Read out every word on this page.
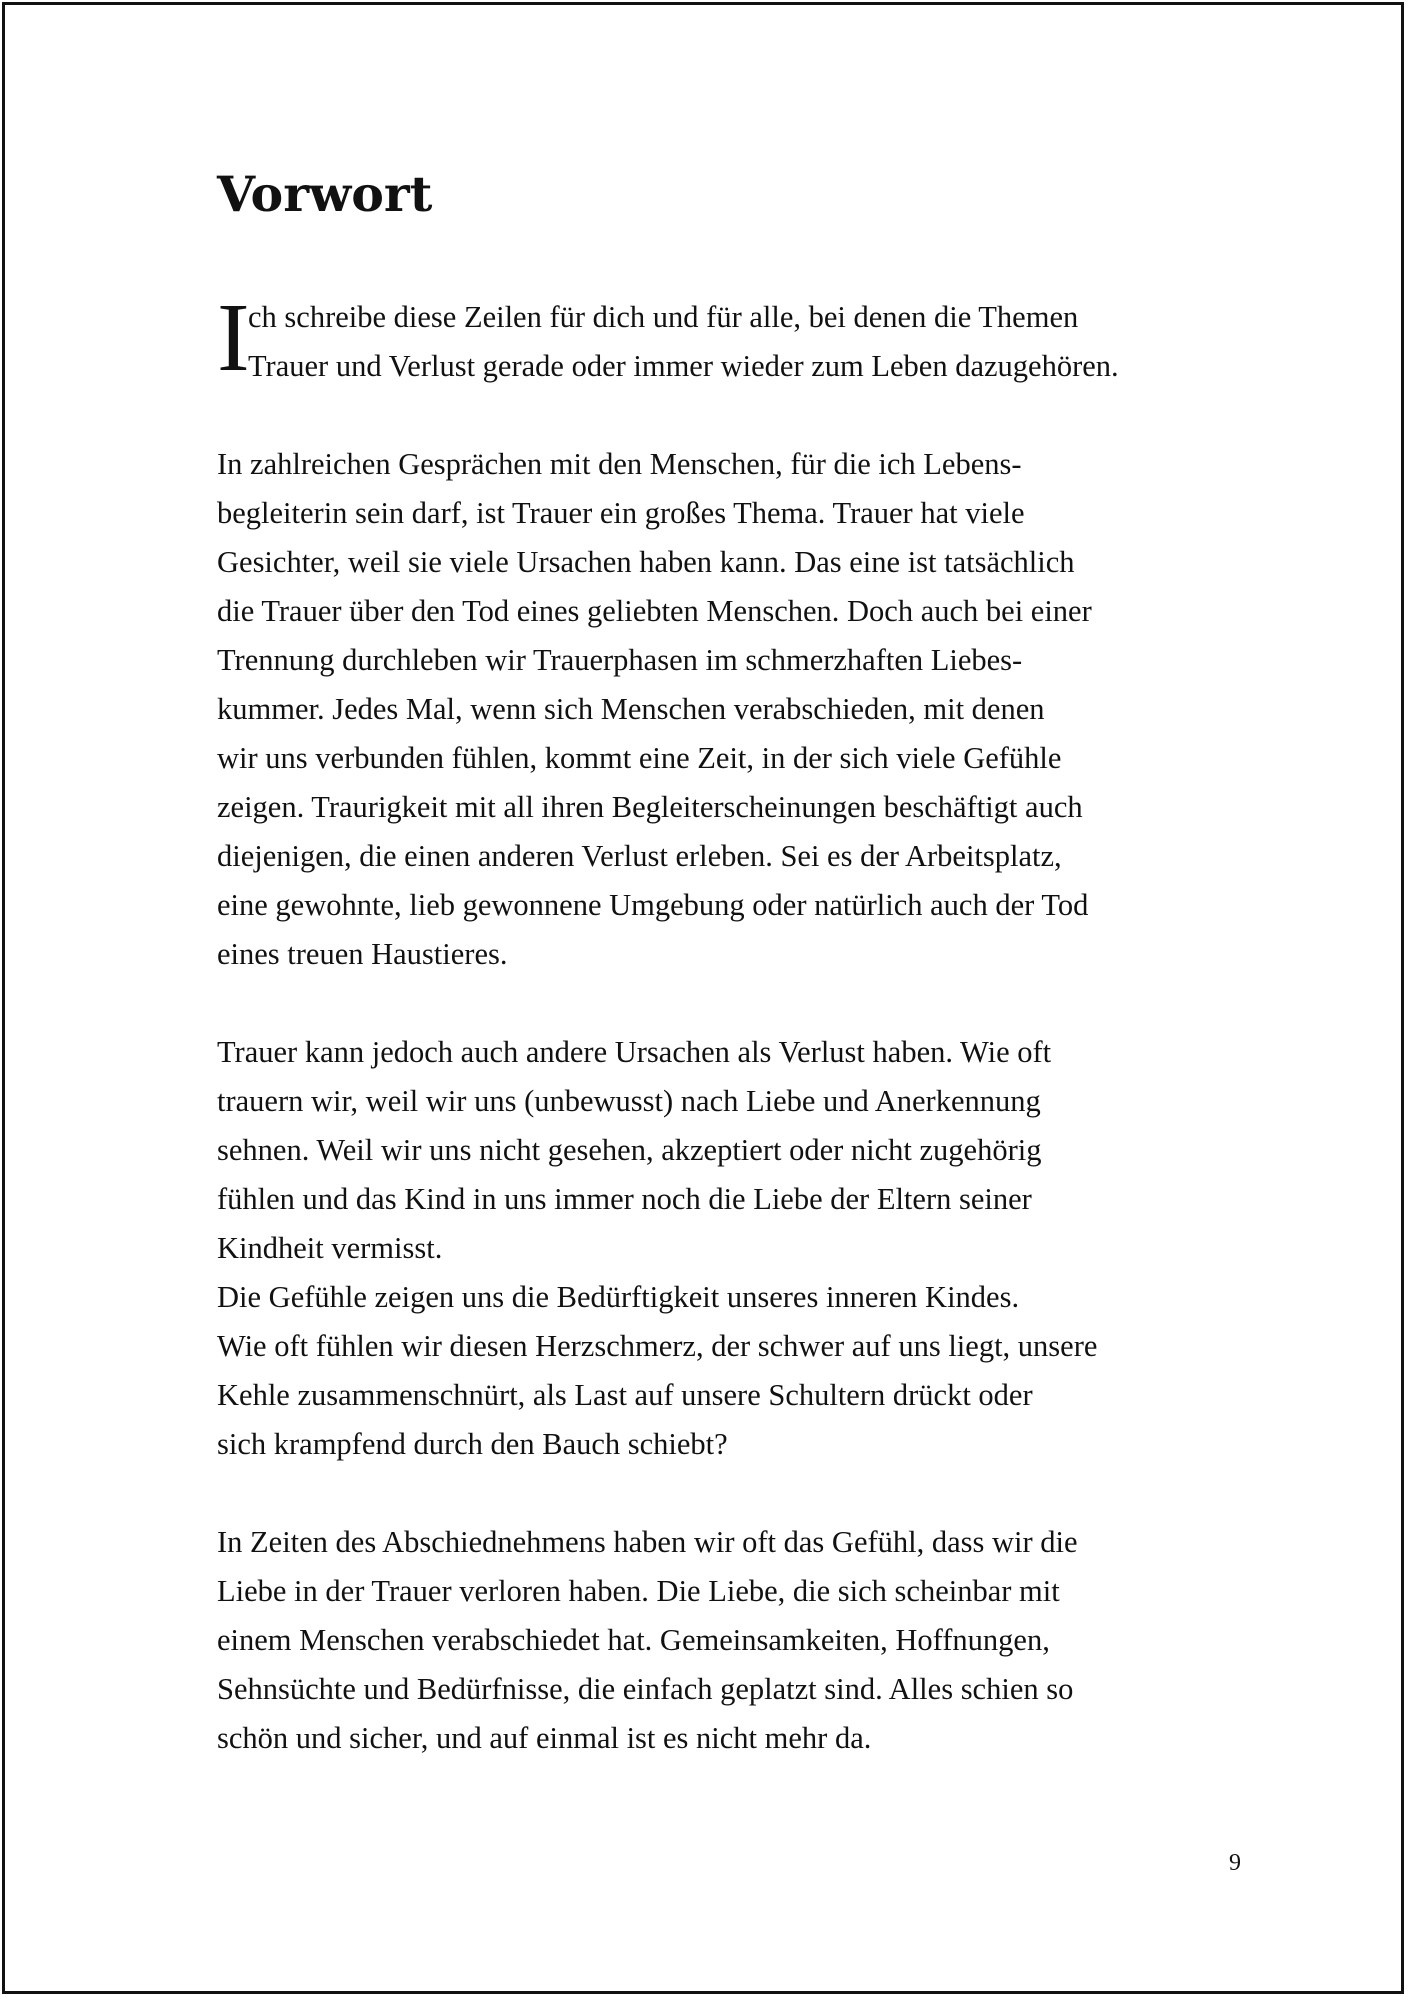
Vorwort

I
ch schreibe diese Zeilen für dich und für alle, bei denen die Themen
Trauer und Verlust gerade oder immer wieder zum Leben dazugehören.

In zahlreichen Gesprächen mit den Menschen, für die ich Lebens-
begleiterin sein darf, ist Trauer ein großes Thema. Trauer hat viele
Gesichter, weil sie viele Ursachen haben kann. Das eine ist tatsächlich
die Trauer über den Tod eines geliebten Menschen. Doch auch bei einer
Trennung durchleben wir Trauerphasen im schmerzhaften Liebes-
kummer. Jedes Mal, wenn sich Menschen verabschieden, mit denen
wir uns verbunden fühlen, kommt eine Zeit, in der sich viele Gefühle
zeigen. Traurigkeit mit all ihren Begleiterscheinungen beschäftigt auch
diejenigen, die einen anderen Verlust erleben. Sei es der Arbeitsplatz,
eine gewohnte, lieb gewonnene Umgebung oder natürlich auch der Tod
eines treuen Haustieres.

Trauer kann jedoch auch andere Ursachen als Verlust haben. Wie oft
trauern wir, weil wir uns (unbewusst) nach Liebe und Anerkennung
sehnen. Weil wir uns nicht gesehen, akzeptiert oder nicht zugehörig
fühlen und das Kind in uns immer noch die Liebe der Eltern seiner
Kindheit vermisst.
Die Gefühle zeigen uns die Bedürftigkeit unseres inneren Kindes.
Wie oft fühlen wir diesen Herzschmerz, der schwer auf uns liegt, unsere
Kehle zusammenschnürt, als Last auf unsere Schultern drückt oder
sich krampfend durch den Bauch schiebt?

In Zeiten des Abschiednehmens haben wir oft das Gefühl, dass wir die
Liebe in der Trauer verloren haben. Die Liebe, die sich scheinbar mit
einem Menschen verabschiedet hat. Gemeinsamkeiten, Hoffnungen,
Sehnsüchte und Bedürfnisse, die einfach geplatzt sind. Alles schien so
schön und sicher, und auf einmal ist es nicht mehr da.

9
